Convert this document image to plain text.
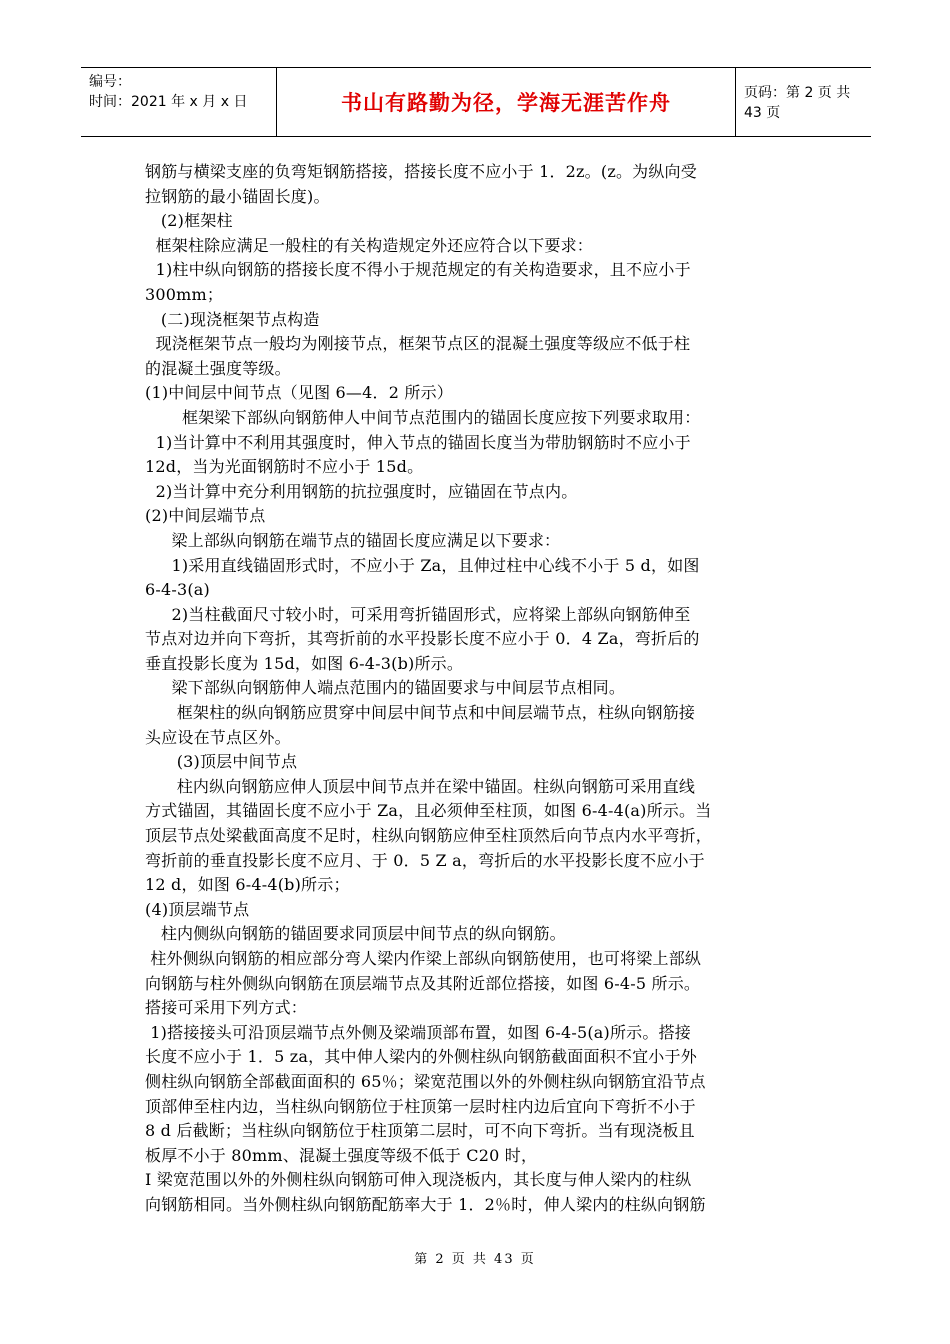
编号：
时间：2021 年 x 月 x 日	书山有路勤为径，学海无涯苦作舟	页码：第 2 页 共 43 页

钢筋与横梁支座的负弯矩钢筋搭接，搭接长度不应小于 1．2z。(z。为纵向受

拉钢筋的最小锚固长度)。

(2)框架柱

框架柱除应满足一般柱的有关构造规定外还应符合以下要求：

1)柱中纵向钢筋的搭接长度不得小于规范规定的有关构造要求，且不应小于

300mm；

(二)现浇框架节点构造

现浇框架节点一般均为刚接节点，框架节点区的混凝土强度等级应不低于柱

的混凝土强度等级。

(1)中间层中间节点（见图 6—4．2 所示）

框架梁下部纵向钢筋伸人中间节点范围内的锚固长度应按下列要求取用：

1)当计算中不利用其强度时，伸入节点的锚固长度当为带肋钢筋时不应小于

12d，当为光面钢筋时不应小于 15d。

2)当计算中充分利用钢筋的抗拉强度时，应锚固在节点内。

(2)中间层端节点

梁上部纵向钢筋在端节点的锚固长度应满足以下要求：

1)采用直线锚固形式时，不应小于 Za，且伸过柱中心线不小于 5 d，如图

6-4-3(a)

2)当柱截面尺寸较小时，可采用弯折锚固形式，应将梁上部纵向钢筋伸至

节点对边并向下弯折，其弯折前的水平投影长度不应小于 0．4 Za，弯折后的

垂直投影长度为 15d，如图 6-4-3(b)所示。

梁下部纵向钢筋伸人端点范围内的锚固要求与中间层节点相同。

框架柱的纵向钢筋应贯穿中间层中间节点和中间层端节点，柱纵向钢筋接

头应设在节点区外。

(3)顶层中间节点

柱内纵向钢筋应伸人顶层中间节点并在梁中锚固。柱纵向钢筋可采用直线

方式锚固，其锚固长度不应小于 Za，且必须伸至柱顶，如图 6-4-4(a)所示。当

顶层节点处梁截面高度不足时，柱纵向钢筋应伸至柱顶然后向节点内水平弯折，

弯折前的垂直投影长度不应月、于 0．5 Z a，弯折后的水平投影长度不应小于

12 d，如图 6-4-4(b)所示；

(4)顶层端节点

柱内侧纵向钢筋的锚固要求同顶层中间节点的纵向钢筋。

柱外侧纵向钢筋的相应部分弯人梁内作梁上部纵向钢筋使用，也可将梁上部纵

向钢筋与柱外侧纵向钢筋在顶层端节点及其附近部位搭接，如图 6-4-5 所示。

搭接可采用下列方式：

1)搭接接头可沿顶层端节点外侧及梁端顶部布置，如图 6-4-5(a)所示。搭接

长度不应小于 1．5 za，其中伸人梁内的外侧柱纵向钢筋截面面积不宜小于外

侧柱纵向钢筋全部截面面积的 65％；梁宽范围以外的外侧柱纵向钢筋宜沿节点

顶部伸至柱内边，当柱纵向钢筋位于柱顶第一层时柱内边后宜向下弯折不小于

8 d 后截断；当柱纵向钢筋位于柱顶第二层时，可不向下弯折。当有现浇板且

板厚不小于 80mm、混凝土强度等级不低于 C20 时，

I 梁宽范围以外的外侧柱纵向钢筋可伸入现浇板内，其长度与伸人梁内的柱纵

向钢筋相同。当外侧柱纵向钢筋配筋率大于 1．2％时，伸人梁内的柱纵向钢筋

第 2 页 共 43 页
